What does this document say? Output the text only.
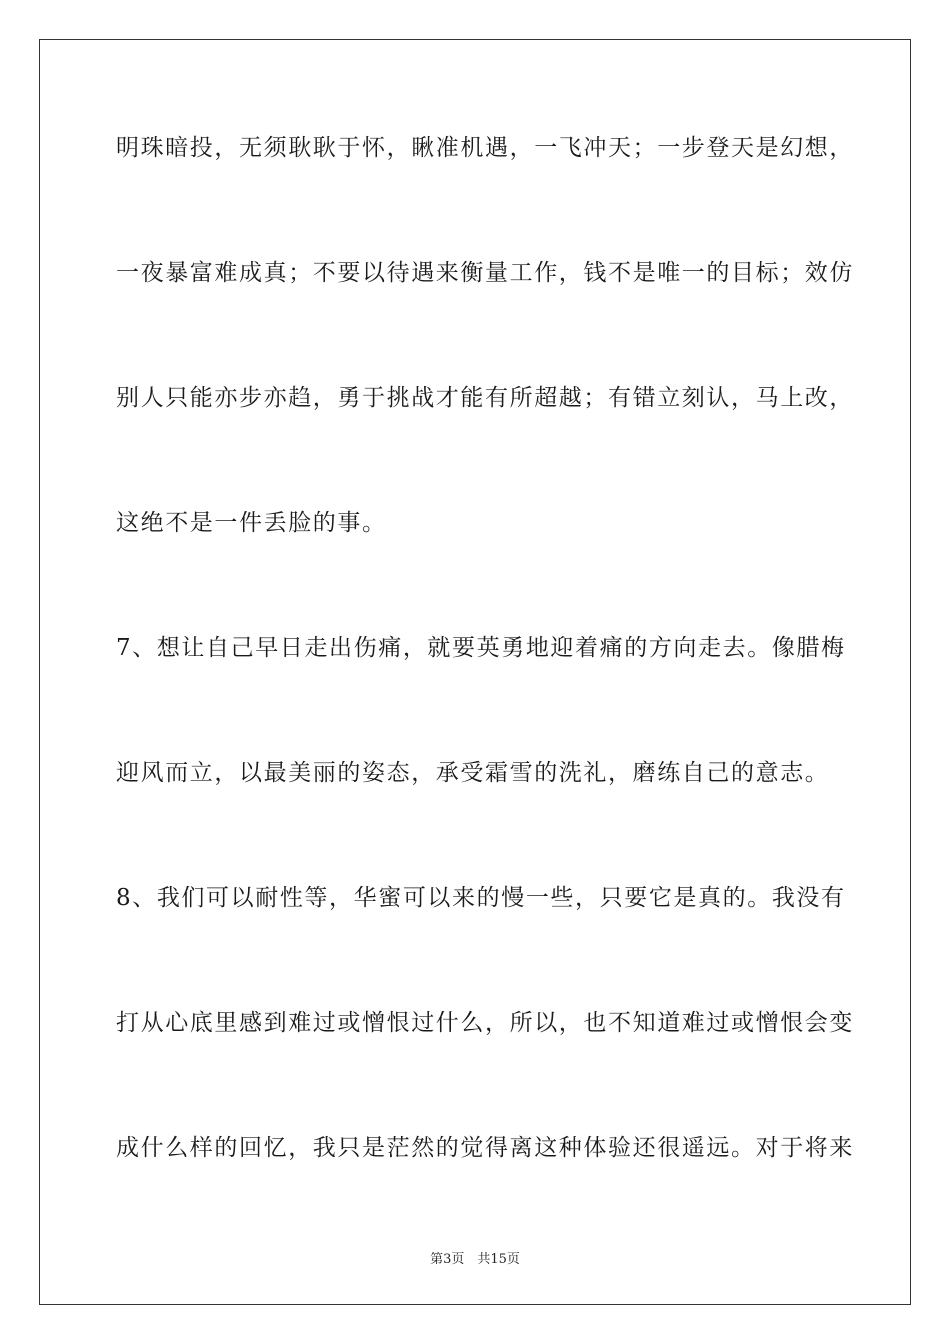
明珠暗投，无须耿耿于怀，瞅准机遇，一飞冲天；一步登天是幻想，
一夜暴富难成真；不要以待遇来衡量工作，钱不是唯一的目标；效仿
别人只能亦步亦趋，勇于挑战才能有所超越；有错立刻认，马上改，
这绝不是一件丢脸的事。
7、想让自己早日走出伤痛，就要英勇地迎着痛的方向走去。像腊梅
迎风而立，以最美丽的姿态，承受霜雪的洗礼，磨练自己的意志。
8、我们可以耐性等，华蜜可以来的慢一些，只要它是真的。我没有
打从心底里感到难过或憎恨过什么，所以，也不知道难过或憎恨会变
成什么样的回忆，我只是茫然的觉得离这种体验还很遥远。对于将来
第3页　共15页
